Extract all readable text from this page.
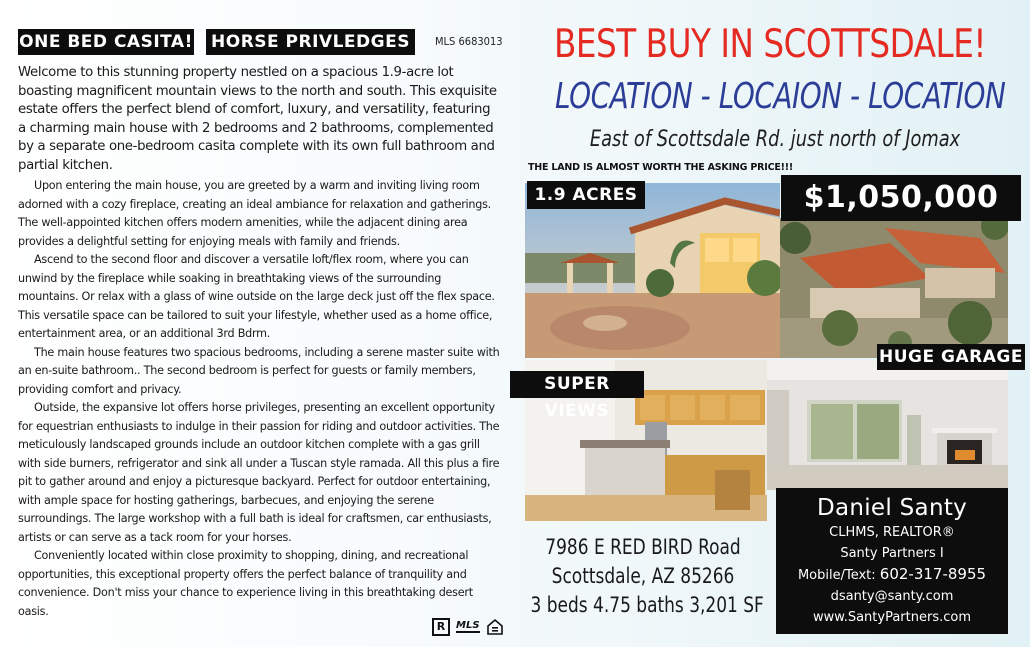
ONE BED CASITA! HORSE PRIVLEDGES	MLS 6683013
Welcome to this stunning property nestled on a spacious 1.9-acre lot boasting magnificent mountain views to the north and south. This exquisite estate offers the perfect blend of comfort, luxury, and versatility, featuring a charming main house with 2 bedrooms and 2 bathrooms, complemented by a separate one-bedroom casita complete with its own full bathroom and partial kitchen.

Upon entering the main house, you are greeted by a warm and inviting living room adorned with a cozy fireplace, creating an ideal ambiance for relaxation and gatherings. The well-appointed kitchen offers modern amenities, while the adjacent dining area provides a delightful setting for enjoying meals with family and friends.

Ascend to the second floor and discover a versatile loft/flex room, where you can unwind by the fireplace while soaking in breathtaking views of the surrounding mountains. Or relax with a glass of wine outside on the large deck just off the flex space. This versatile space can be tailored to suit your lifestyle, whether used as a home office, entertainment area, or an additional 3rd Bdrm.

The main house features two spacious bedrooms, including a serene master suite with an en-suite bathroom.. The second bedroom is perfect for guests or family members, providing comfort and privacy.

Outside, the expansive lot offers horse privileges, presenting an excellent opportunity for equestrian enthusiasts to indulge in their passion for riding and outdoor activities. The meticulously landscaped grounds include an outdoor kitchen complete with a gas grill with side burners, refrigerator and sink all under a Tuscan style ramada. All this plus a fire pit to gather around and enjoy a picturesque backyard. Perfect for outdoor entertaining, with ample space for hosting gatherings, barbecues, and enjoying the serene surroundings. The large workshop with a full bath is ideal for craftsmen, car enthusiasts, artists or can serve as a tack room for your horses.

Conveniently located within close proximity to shopping, dining, and recreational opportunities, this exceptional property offers the perfect balance of tranquility and convenience. Don't miss your chance to experience living in this breathtaking desert oasis.

R	MLS
BEST BUY IN SCOTTSDALE!
LOCATION - LOCAION - LOCATION
East of Scottsdale Rd. just north of Jomax
THE LAND IS ALMOST WORTH THE ASKING PRICE!!!
1.9 ACRES	$1,050,000
HUGE GARAGE
SUPER VIEWS
7986 E RED BIRD Road
Scottsdale, AZ 85266
3 beds 4.75 baths 3,201 SF
Daniel Santy
CLHMS, REALTOR®
Santy Partners I
Mobile/Text: 602-317-8955
dsanty@santy.com
www.SantyPartners.com
